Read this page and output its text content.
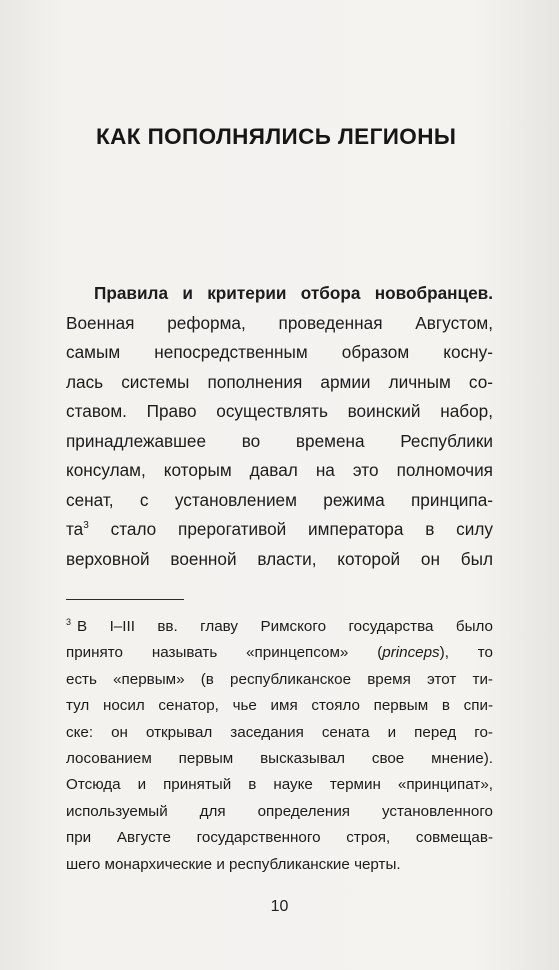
КАК ПОПОЛНЯЛИСЬ ЛЕГИОНЫ
Правила и критерии отбора новобранцев.
Военная реформа, проведенная Августом,
самым непосредственным образом косну-
лась системы пополнения армии личным со-
ставом. Право осуществлять воинский набор,
принадлежавшее во времена Республики
консулам, которым давал на это полномочия
сенат, с установлением режима принципа-
$та^3$ стало прерогативой императора в силу
верховной военной власти, которой он был
$^3$ В I–III вв. главу Римского государства было
принято называть «принцепсом» (princeps), то
есть «первым» (в республиканское время этот ти-
тул носил сенатор, чье имя стояло первым в спи-
ске: он открывал заседания сената и перед го-
лосованием первым высказывал свое мнение).
Отсюда и принятый в науке термин «принципат»,
используемый для определения установленного
при Августе государственного строя, совмещав-
шего монархические и республиканские черты.
10
